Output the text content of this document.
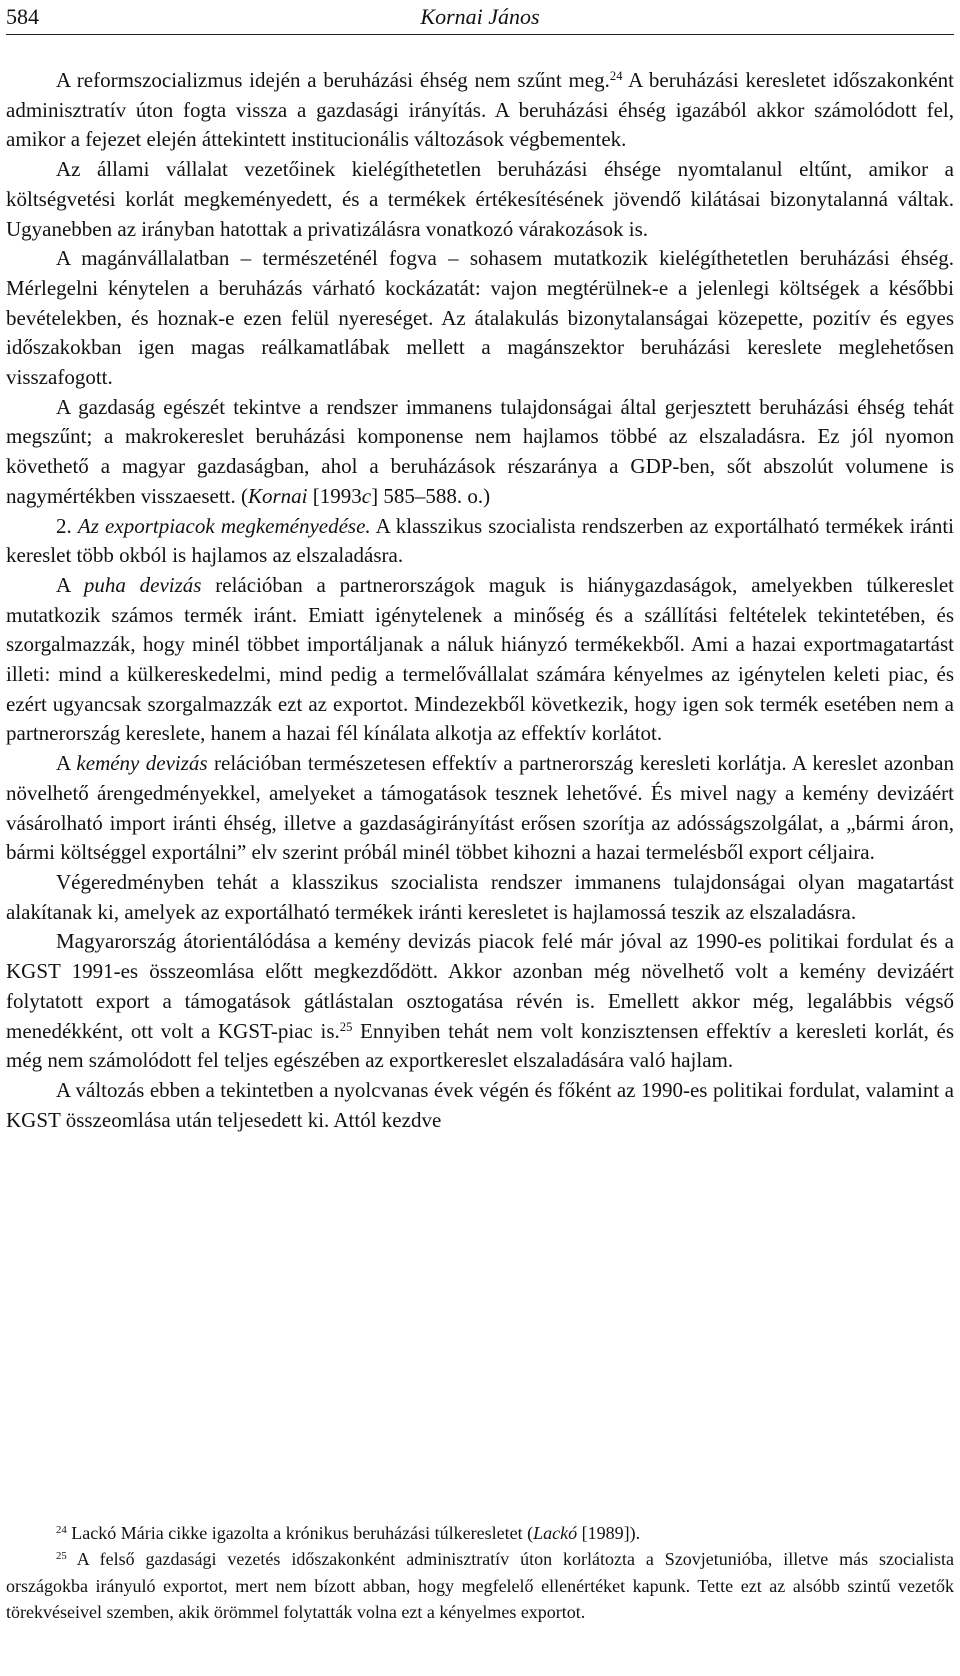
584	Kornai János

A reformszocializmus idején a beruházási éhség nem szűnt meg.$^{24}$ A beruházási keresletet időszakonként adminisztratív úton fogta vissza a gazdasági irányítás. A beruházási éhség igazából akkor számolódott fel, amikor a fejezet elején áttekintett institucionális változások végbementek.

Az állami vállalat vezetőinek kielégíthetetlen beruházási éhsége nyomtalanul eltűnt, amikor a költségvetési korlát megkeményedett, és a termékek értékesítésének jövendő kilátásai bizonytalanná váltak. Ugyanebben az irányban hatottak a privatizálásra vonatkozó várakozások is.

A magánvállalatban – természeténél fogva – sohasem mutatkozik kielégíthetetlen beruházási éhség. Mérlegelni kénytelen a beruházás várható kockázatát: vajon megtérülnek-e a jelenlegi költségek a későbbi bevételekben, és hoznak-e ezen felül nyereséget. Az átalakulás bizonytalanságai közepette, pozitív és egyes időszakokban igen magas reálkamatlábak mellett a magánszektor beruházási kereslete meglehetősen visszafogott.

A gazdaság egészét tekintve a rendszer immanens tulajdonságai által gerjesztett beruházási éhség tehát megszűnt; a makrokereslet beruházási komponense nem hajlamos többé az elszaladásra. Ez jól nyomon követhető a magyar gazdaságban, ahol a beruházások részaránya a GDP-ben, sőt abszolút volumene is nagymértékben visszaesett. (Kornai [1993c] 585–588. o.)

2. Az exportpiacok megkeményedése. A klasszikus szocialista rendszerben az exportálható termékek iránti kereslet több okból is hajlamos az elszaladásra.

A puha devizás relációban a partnerországok maguk is hiánygazdaságok, amelyekben túlkereslet mutatkozik számos termék iránt. Emiatt igénytelenek a minőség és a szállítási feltételek tekintetében, és szorgalmazzák, hogy minél többet importáljanak a náluk hiányzó termékekből. Ami a hazai exportmagatartást illeti: mind a külkereskedelmi, mind pedig a termelővállalat számára kényelmes az igénytelen keleti piac, és ezért ugyancsak szorgalmazzák ezt az exportot. Mindezekből következik, hogy igen sok termék esetében nem a partnerország kereslete, hanem a hazai fél kínálata alkotja az effektív korlátot.

A kemény devizás relációban természetesen effektív a partnerország keresleti korlátja. A kereslet azonban növelhető árengedményekkel, amelyeket a támogatások tesznek lehetővé. És mivel nagy a kemény devizáért vásárolható import iránti éhség, illetve a gazdaságirányítást erősen szorítja az adósságszolgálat, a „bármi áron, bármi költséggel exportálni” elv szerint próbál minél többet kihozni a hazai termelésből export céljaira.

Végeredményben tehát a klasszikus szocialista rendszer immanens tulajdonságai olyan magatartást alakítanak ki, amelyek az exportálható termékek iránti keresletet is hajlamossá teszik az elszaladásra.

Magyarország átorientálódása a kemény devizás piacok felé már jóval az 1990-es politikai fordulat és a KGST 1991-es összeomlása előtt megkezdődött. Akkor azonban még növelhető volt a kemény devizáért folytatott export a támogatások gátlástalan osztogatása révén is. Emellett akkor még, legalábbis végső menedékként, ott volt a KGST-piac is.$^{25}$ Ennyiben tehát nem volt konzisztensen effektív a keresleti korlát, és még nem számolódott fel teljes egészében az exportkereslet elszaladására való hajlam.

A változás ebben a tekintetben a nyolcvanas évek végén és főként az 1990-es politikai fordulat, valamint a KGST összeomlása után teljesedett ki. Attól kezdve

$^{24}$ Lackó Mária cikke igazolta a krónikus beruházási túlkeresletet (Lackó [1989]).

$^{25}$ A felső gazdasági vezetés időszakonként adminisztratív úton korlátozta a Szovjetunióba, illetve más szocialista országokba irányuló exportot, mert nem bízott abban, hogy megfelelő ellenértéket kapunk. Tette ezt az alsóbb szintű vezetők törekvéseivel szemben, akik örömmel folytatták volna ezt a kényelmes exportot.
